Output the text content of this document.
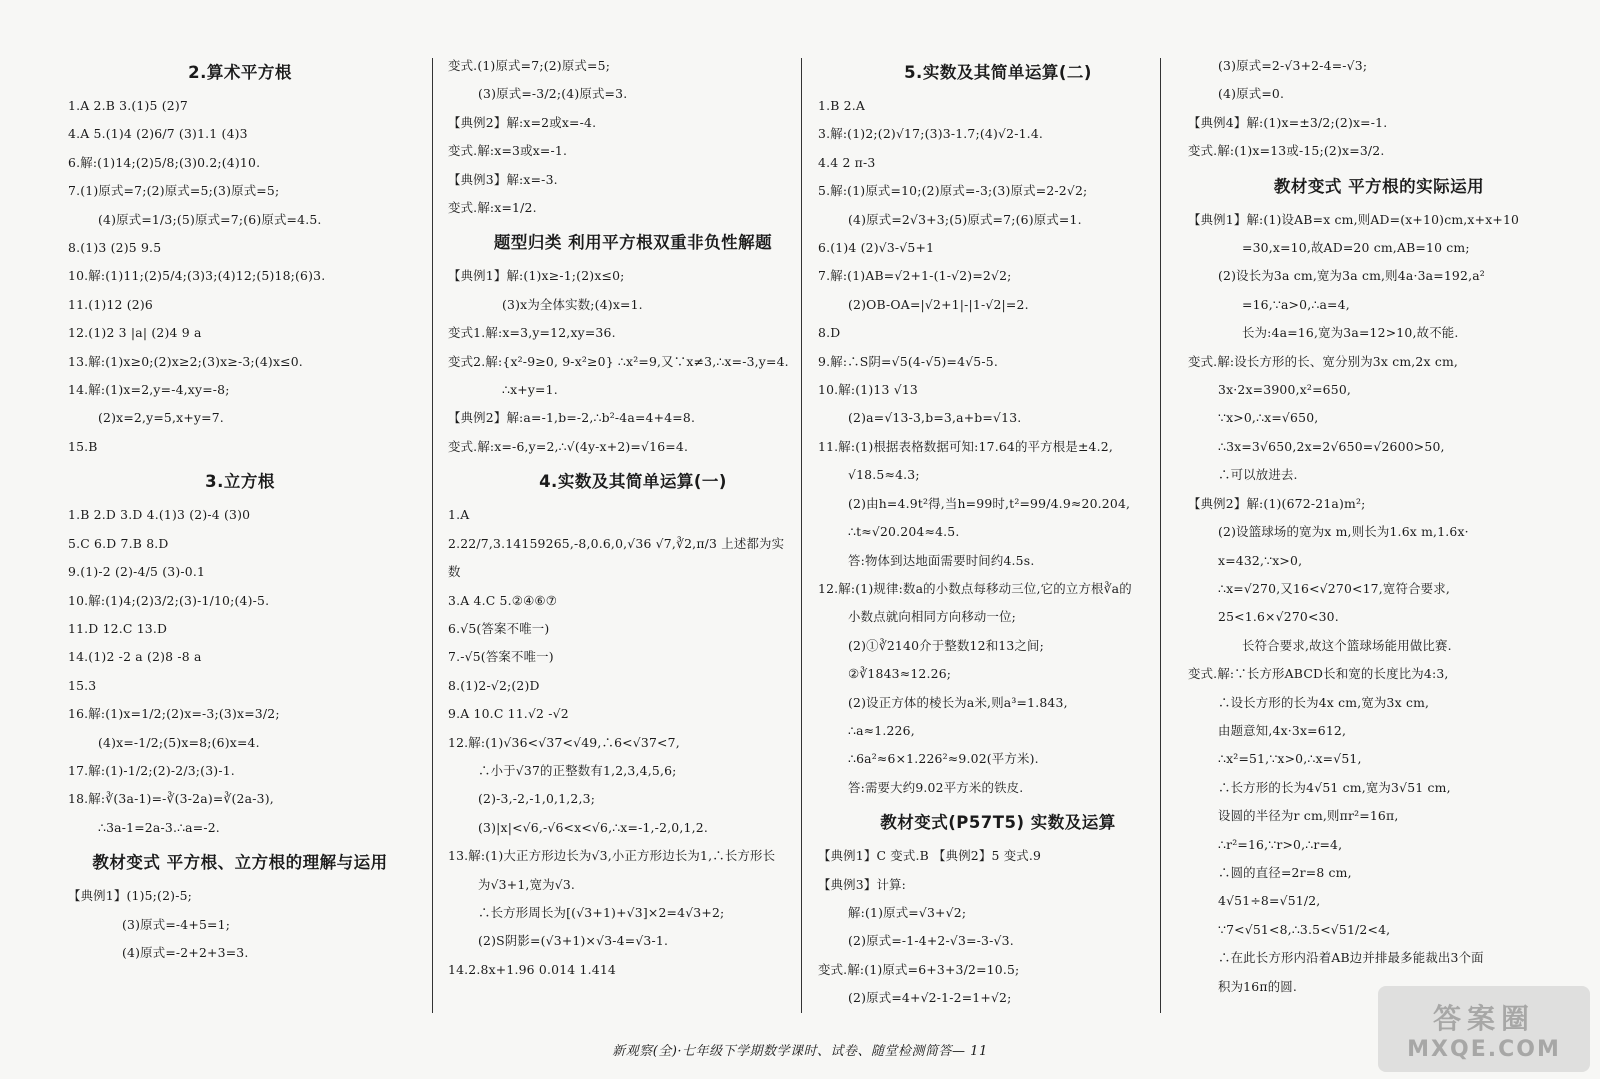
2.算术平方根
1.A 2.B 3.(1)5 (2)7
4.A 5.(1)4 (2)6/7 (3)1.1 (4)3
6.解:(1)14;(2)5/8;(3)0.2;(4)10.
7.(1)原式=7;(2)原式=5;(3)原式=5;
(4)原式=1/3;(5)原式=7;(6)原式=4.5.
8.(1)3 (2)5 9.5
10.解:(1)11;(2)5/4;(3)3;(4)12;(5)18;(6)3.
11.(1)12 (2)6
12.(1)2 3 |a| (2)4 9 a
13.解:(1)x≥0;(2)x≥2;(3)x≥-3;(4)x≤0.
14.解:(1)x=2,y=-4,xy=-8;
(2)x=2,y=5,x+y=7.
15.B
3.立方根
1.B 2.D 3.D 4.(1)3 (2)-4 (3)0
5.C 6.D 7.B 8.D
9.(1)-2 (2)-4/5 (3)-0.1
10.解:(1)4;(2)3/2;(3)-1/10;(4)-5.
11.D 12.C 13.D
14.(1)2 -2 a (2)8 -8 a
15.3
16.解:(1)x=1/2;(2)x=-3;(3)x=3/2;
(4)x=-1/2;(5)x=8;(6)x=4.
17.解:(1)-1/2;(2)-2/3;(3)-1.
18.解:∛(3a-1)=-∛(3-2a)=∛(2a-3),
∴3a-1=2a-3.∴a=-2.
教材变式 平方根、立方根的理解与运用
【典例1】(1)5;(2)-5;
(3)原式=-4+5=1;
(4)原式=-2+2+3=3.
变式.(1)原式=7;(2)原式=5;
(3)原式=-3/2;(4)原式=3.
【典例2】解:x=2或x=-4.
变式.解:x=3或x=-1.
【典例3】解:x=-3.
变式.解:x=1/2.
题型归类 利用平方根双重非负性解题
【典例1】解:(1)x≥-1;(2)x≤0;
(3)x为全体实数;(4)x=1.
变式1.解:x=3,y=12,xy=36.
变式2.解:{x²-9≥0, 9-x²≥0} ∴x²=9,又∵x≠3,∴x=-3,y=4.
∴x+y=1.
【典例2】解:a=-1,b=-2,∴b²-4a=4+4=8.
变式.解:x=-6,y=2,∴√(4y-x+2)=√16=4.
4.实数及其简单运算(一)
1.A
2.22/7,3.14159265,-8,0.6,0,√36 √7,∛2,π/3 上述都为实
数
3.A 4.C 5.②④⑥⑦
6.√5(答案不唯一)
7.-√5(答案不唯一)
8.(1)2-√2;(2)D
9.A 10.C 11.√2 -√2
12.解:(1)√36<√37<√49,∴6<√37<7,
∴小于√37的正整数有1,2,3,4,5,6;
(2)-3,-2,-1,0,1,2,3;
(3)|x|<√6,-√6<x<√6,∴x=-1,-2,0,1,2.
13.解:(1)大正方形边长为√3,小正方形边长为1,∴长方形长
为√3+1,宽为√3.
∴长方形周长为[(√3+1)+√3]×2=4√3+2;
(2)S阴影=(√3+1)×√3-4=√3-1.
14.2.8x+1.96 0.014 1.414
5.实数及其简单运算(二)
1.B 2.A
3.解:(1)2;(2)√17;(3)3-1.7;(4)√2-1.4.
4.4 2 π-3
5.解:(1)原式=10;(2)原式=-3;(3)原式=2-2√2;
(4)原式=2√3+3;(5)原式=7;(6)原式=1.
6.(1)4 (2)√3-√5+1
7.解:(1)AB=√2+1-(1-√2)=2√2;
(2)OB-OA=|√2+1|-|1-√2|=2.
8.D
9.解:∴S阴=√5(4-√5)=4√5-5.
10.解:(1)13 √13
(2)a=√13-3,b=3,a+b=√13.
11.解:(1)根据表格数据可知:17.64的平方根是±4.2,
√18.5≈4.3;
(2)由h=4.9t²得,当h=99时,t²=99/4.9≈20.204,
∴t≈√20.204≈4.5.
答:物体到达地面需要时间约4.5s.
12.解:(1)规律:数a的小数点每移动三位,它的立方根∛a的
小数点就向相同方向移动一位;
(2)①∛2140介于整数12和13之间;
②∛1843≈12.26;
(2)设正方体的棱长为a米,则a³=1.843,
∴a≈1.226,
∴6a²≈6×1.226²≈9.02(平方米).
答:需要大约9.02平方米的铁皮.
教材变式(P57T5) 实数及运算
【典例1】C 变式.B 【典例2】5 变式.9
【典例3】计算:
解:(1)原式=√3+√2;
(2)原式=-1-4+2-√3=-3-√3.
变式.解:(1)原式=6+3+3/2=10.5;
(2)原式=4+√2-1-2=1+√2;
(3)原式=2-√3+2-4=-√3;
(4)原式=0.
【典例4】解:(1)x=±3/2;(2)x=-1.
变式.解:(1)x=13或-15;(2)x=3/2.
教材变式 平方根的实际运用
【典例1】解:(1)设AB=x cm,则AD=(x+10)cm,x+x+10
=30,x=10,故AD=20 cm,AB=10 cm;
(2)设长为3a cm,宽为3a cm,则4a·3a=192,a²
=16,∵a>0,∴a=4,
长为:4a=16,宽为3a=12>10,故不能.
变式.解:设长方形的长、宽分别为3x cm,2x cm,
3x·2x=3900,x²=650,
∵x>0,∴x=√650,
∴3x=3√650,2x=2√650=√2600>50,
∴可以放进去.
【典例2】解:(1)(672-21a)m²;
(2)设篮球场的宽为x m,则长为1.6x m,1.6x·
x=432,∵x>0,
∴x=√270,又16<√270<17,宽符合要求,
25<1.6×√270<30.
长符合要求,故这个篮球场能用做比赛.
变式.解:∵长方形ABCD长和宽的长度比为4:3,
∴设长方形的长为4x cm,宽为3x cm,
由题意知,4x·3x=612,
∴x²=51,∵x>0,∴x=√51,
∴长方形的长为4√51 cm,宽为3√51 cm,
设圆的半径为r cm,则πr²=16π,
∴r²=16,∵r>0,∴r=4,
∴圆的直径=2r=8 cm,
4√51÷8=√51/2,
∵7<√51<8,∴3.5<√51/2<4,
∴在此长方形内沿着AB边并排最多能裁出3个面
积为16π的圆.
新观察(全)·七年级下学期数学课时、试卷、随堂检测简答— 11
答案圈
MXQE.COM
